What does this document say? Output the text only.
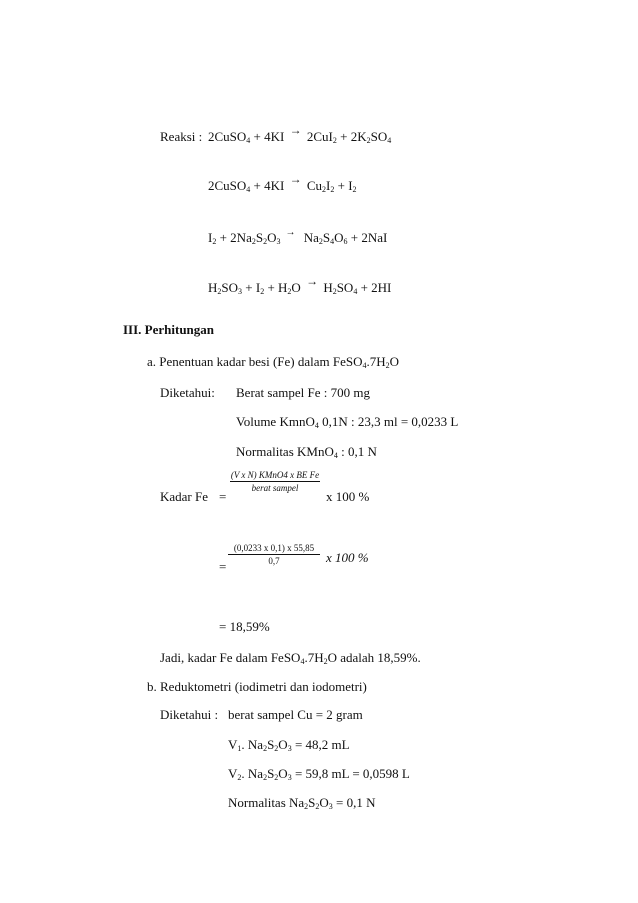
Reaksi : 2CuSO$_4$ + $4KI \to 2CuI_2 + 2K_2SO_4$
2CuSO$_4$ + $4KI \to Cu_2I_2 + I_2$
$I_2 + 2Na_2S_2O_3^\to$ $Na_2S_4O_6 + 2NaI$
$H_2SO_3 + I_2 + H_2O \to H_2SO_4 + 2HI$
III. Perhitungan
a. Penentuan kadar besi (Fe) dalam $FeSO_4.7H_2O$
Diketahui: Berat sampel Fe : 700 mg
Volume KmnO$_4$ 0,1N : 23,3 ml = 0,0233 L
Normalitas KMnO$_4$ : 0,1 N
Kadar Fe =
(V x N) KMnO4 x BE Fe
berat sampel
x 100 %
(0,0233 x 0,1) x 55,85
0,7
=
x 100 %
= 18,59%
Jadi, kadar Fe dalam $FeSO_4.7H_2O$ adalah 18,59%.
b. Reduktometri (iodimetri dan iodometri)
Diketahui : berat sampel Cu = 2 gram
$V_1$. $Na_2S_2O_3 = 48,2$ mL
$V_2$. $Na_2S_2O_3 = 59,8$ mL = 0,0598 L
Normalitas $Na_2S_2O_3 = 0,1$ N
